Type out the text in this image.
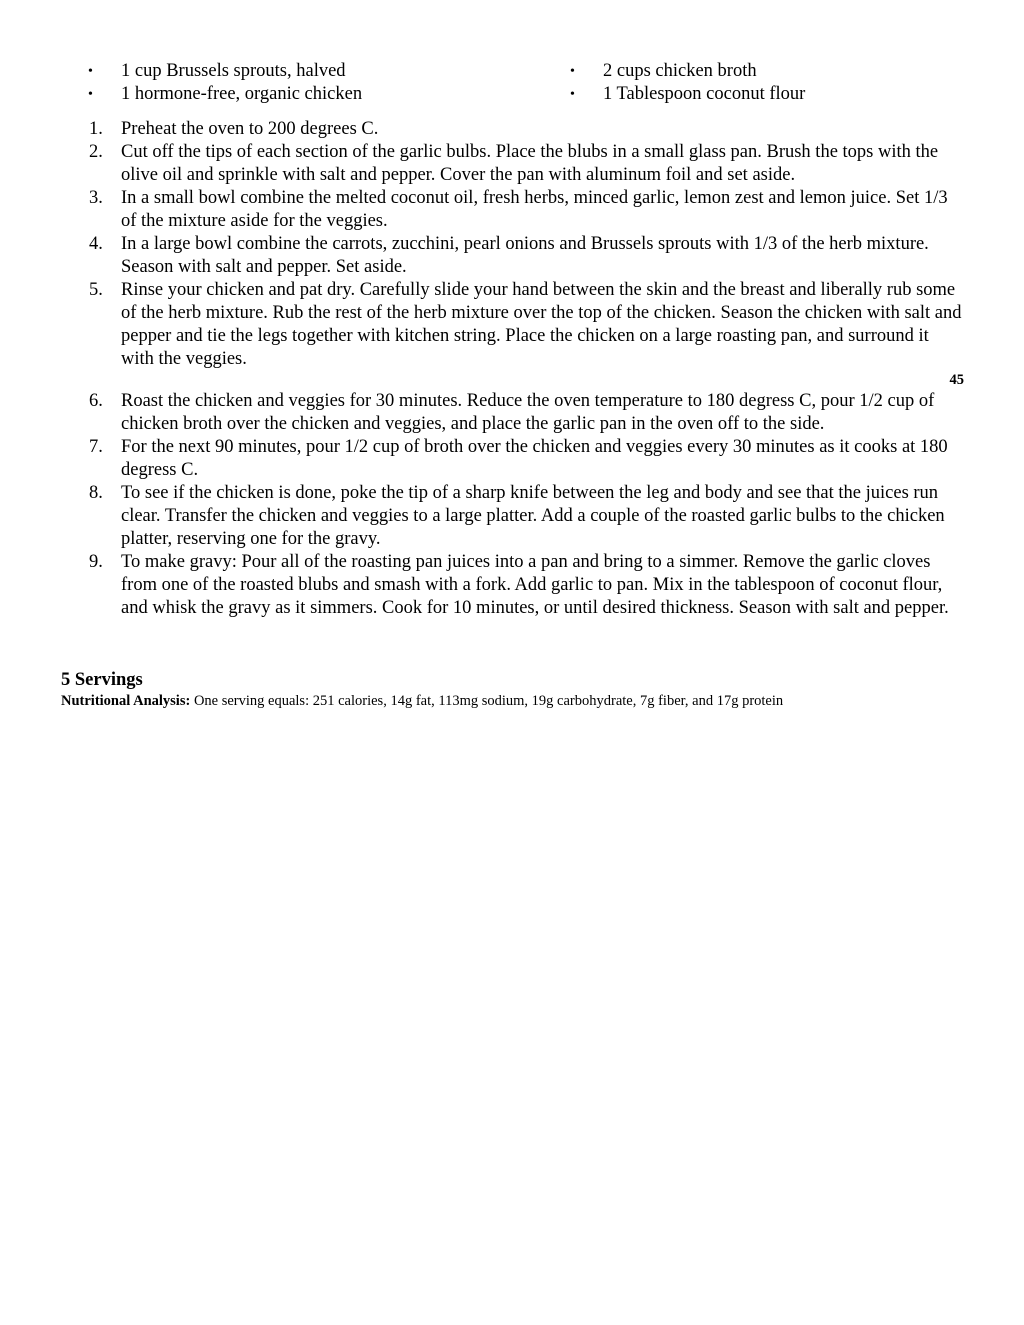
• 1 cup Brussels sprouts, halved
• 1 hormone-free, organic chicken
• 2 cups chicken broth
• 1 Tablespoon coconut flour
1. Preheat the oven to 200 degrees C.
2. Cut off the tips of each section of the garlic bulbs. Place the blubs in a small glass pan. Brush the tops with the olive oil and sprinkle with salt and pepper. Cover the pan with aluminum foil and set aside.
3. In a small bowl combine the melted coconut oil, fresh herbs, minced garlic, lemon zest and lemon juice. Set 1/3 of the mixture aside for the veggies.
4. In a large bowl combine the carrots, zucchini, pearl onions and Brussels sprouts with 1/3 of the herb mixture. Season with salt and pepper. Set aside.
5. Rinse your chicken and pat dry. Carefully slide your hand between the skin and the breast and liberally rub some of the herb mixture. Rub the rest of the herb mixture over the top of the chicken. Season the chicken with salt and pepper and tie the legs together with kitchen string. Place the chicken on a large roasting pan, and surround it with the veggies.
45
6. Roast the chicken and veggies for 30 minutes. Reduce the oven temperature to 180 degress C, pour 1/2 cup of chicken broth over the chicken and veggies, and place the garlic pan in the oven off to the side.
7. For the next 90 minutes, pour 1/2 cup of broth over the chicken and veggies every 30 minutes as it cooks at 180 degress C.
8. To see if the chicken is done, poke the tip of a sharp knife between the leg and body and see that the juices run clear. Transfer the chicken and veggies to a large platter. Add a couple of the roasted garlic bulbs to the chicken platter, reserving one for the gravy.
9. To make gravy: Pour all of the roasting pan juices into a pan and bring to a simmer. Remove the garlic cloves from one of the roasted blubs and smash with a fork. Add garlic to pan. Mix in the tablespoon of coconut flour, and whisk the gravy as it simmers. Cook for 10 minutes, or until desired thickness. Season with salt and pepper.
5 Servings
Nutritional Analysis: One serving equals: 251 calories, 14g fat, 113mg sodium, 19g carbohydrate, 7g fiber, and 17g protein
